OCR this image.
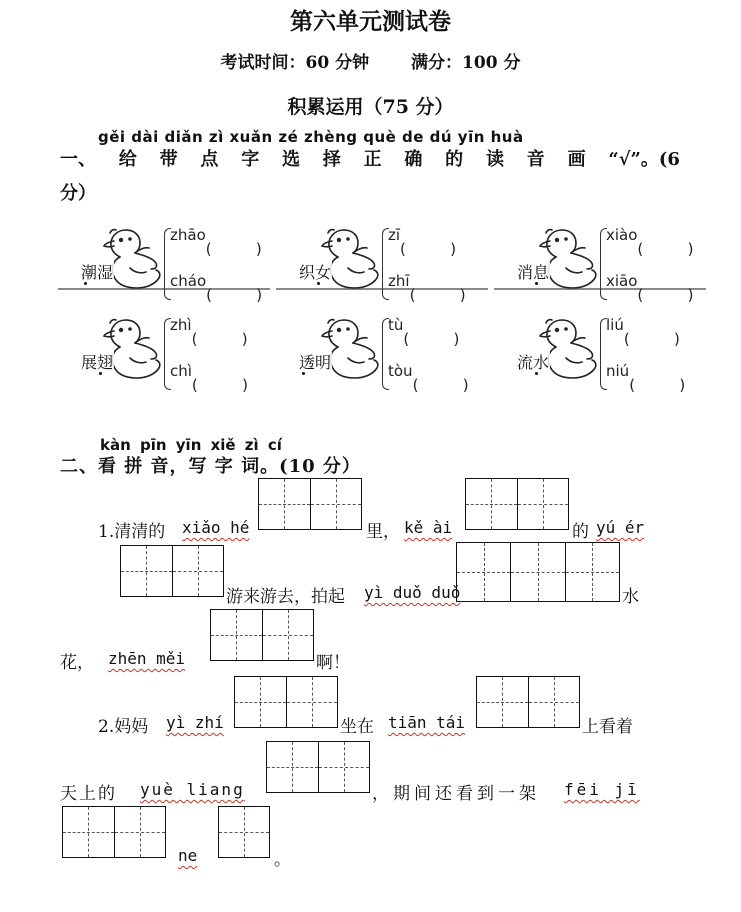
第六单元测试卷
考试时间：60 分钟 满分：100 分
积累运用（75 分）
gěi dài diǎn zì xuǎn zé zhèng què de dú yīn huà
一、 给 带 点 字 选 择 正 确 的 读 音 画 “√”。(6
分）
潮湿
zhāo
cháo	织女
zī
zhī	消息
xiào
xiāo
展翅
zhì
chì	透明
tù
tòu	流水
liú
niú
kàn pīn yīn xiě zì cí
二、看 拼 音，写 字 词。(10 分）
1.清清的 xiǎo hé	里， kě ài	的 yú ér
游来游去，拍起 yì duǒ duǒ	水
花， zhēn měi	啊！
2.妈妈 yì zhí	坐在 tiān tái	上看着
天上的 yuè liang	，期间还看到一架 fēi jī
ne	。
